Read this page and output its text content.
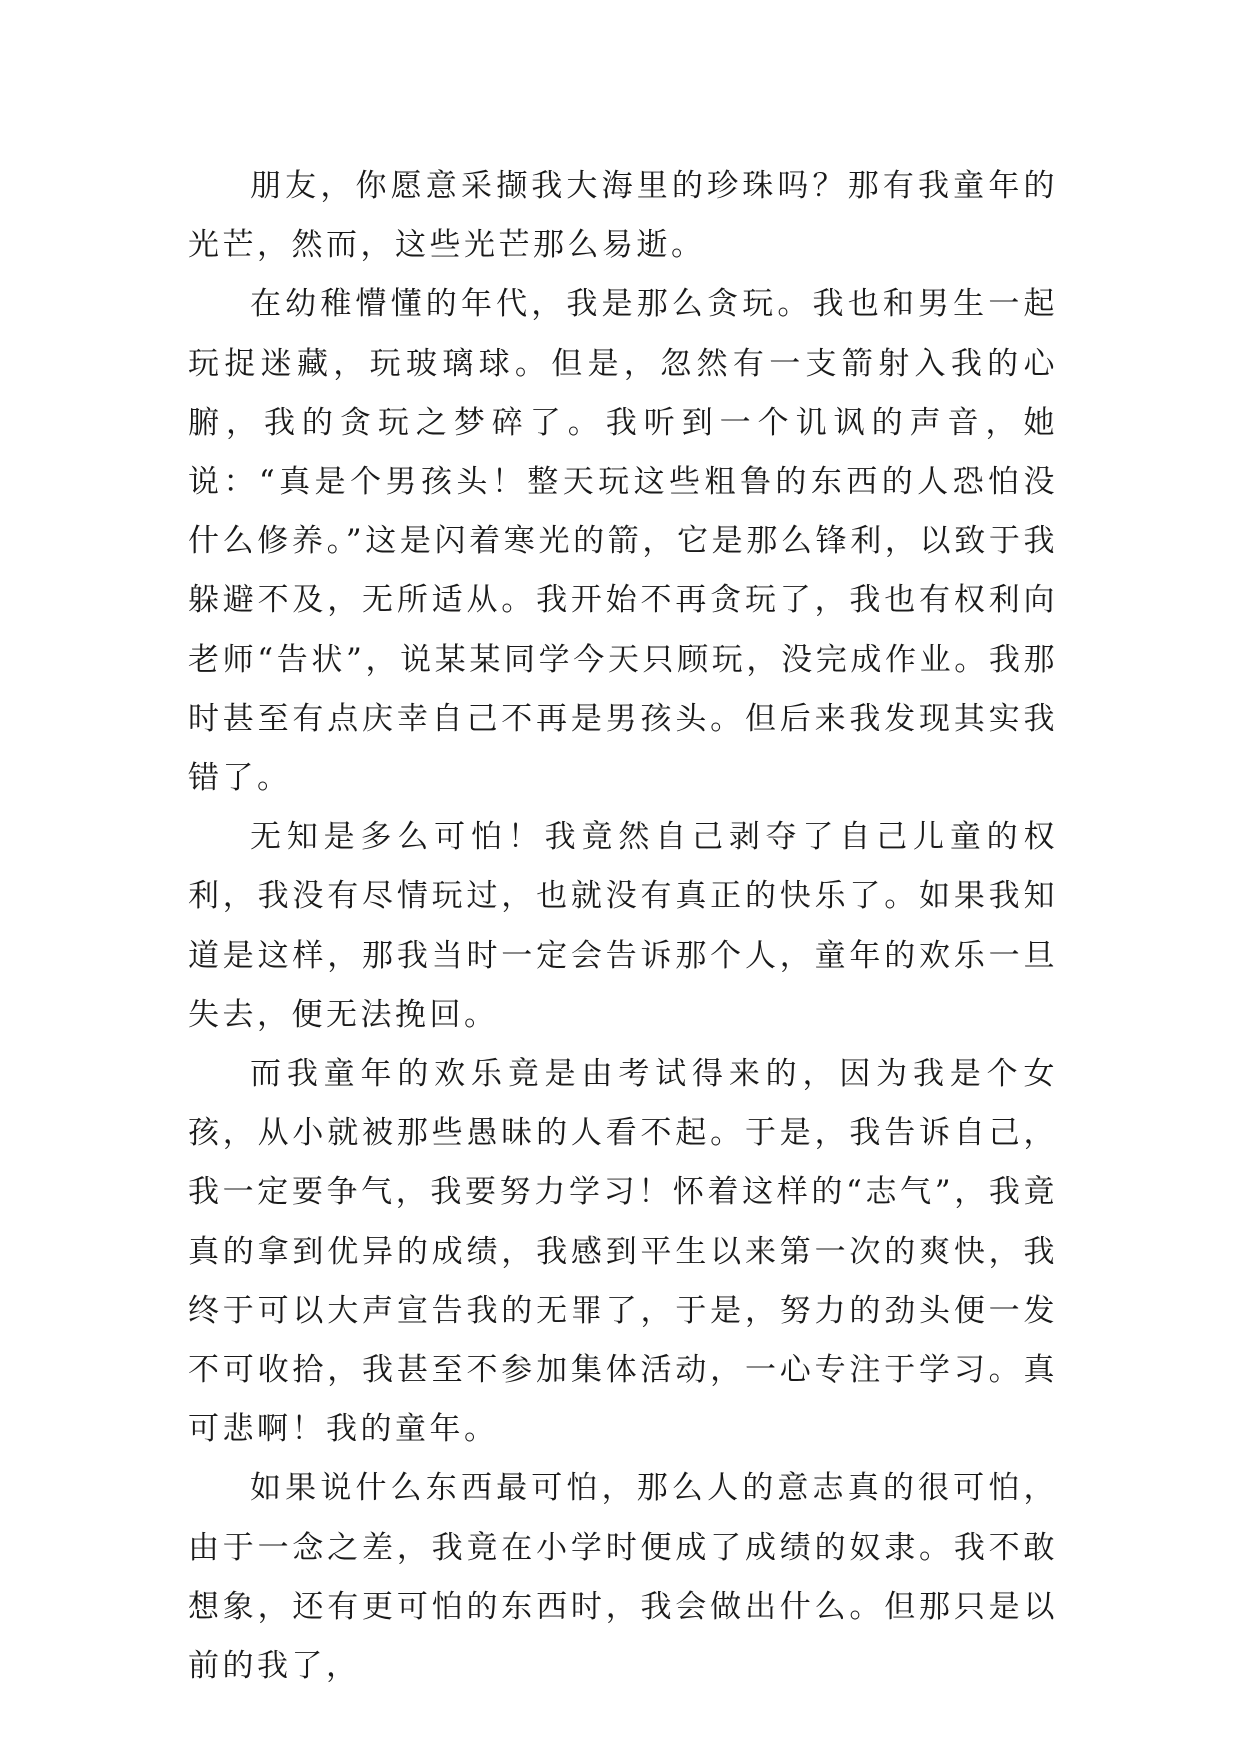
朋友，你愿意采撷我大海里的珍珠吗？那有我童年的光芒，然而，这些光芒那么易逝。

在幼稚懵懂的年代，我是那么贪玩。我也和男生一起玩捉迷藏，玩玻璃球。但是，忽然有一支箭射入我的心腑，我的贪玩之梦碎了。我听到一个讥讽的声音，她说：“真是个男孩头！整天玩这些粗鲁的东西的人恐怕没什么修养。”这是闪着寒光的箭，它是那么锋利，以致于我躲避不及，无所适从。我开始不再贪玩了，我也有权利向老师“告状”，说某某同学今天只顾玩，没完成作业。我那时甚至有点庆幸自己不再是男孩头。但后来我发现其实我错了。

无知是多么可怕！我竟然自己剥夺了自己儿童的权利，我没有尽情玩过，也就没有真正的快乐了。如果我知道是这样，那我当时一定会告诉那个人，童年的欢乐一旦失去，便无法挽回。

而我童年的欢乐竟是由考试得来的，因为我是个女孩，从小就被那些愚昧的人看不起。于是，我告诉自己，我一定要争气，我要努力学习！怀着这样的“志气”，我竟真的拿到优异的成绩，我感到平生以来第一次的爽快，我终于可以大声宣告我的无罪了，于是，努力的劲头便一发不可收拾，我甚至不参加集体活动，一心专注于学习。真可悲啊！我的童年。

如果说什么东西最可怕，那么人的意志真的很可怕，由于一念之差，我竟在小学时便成了成绩的奴隶。我不敢想象，还有更可怕的东西时，我会做出什么。但那只是以前的我了，
